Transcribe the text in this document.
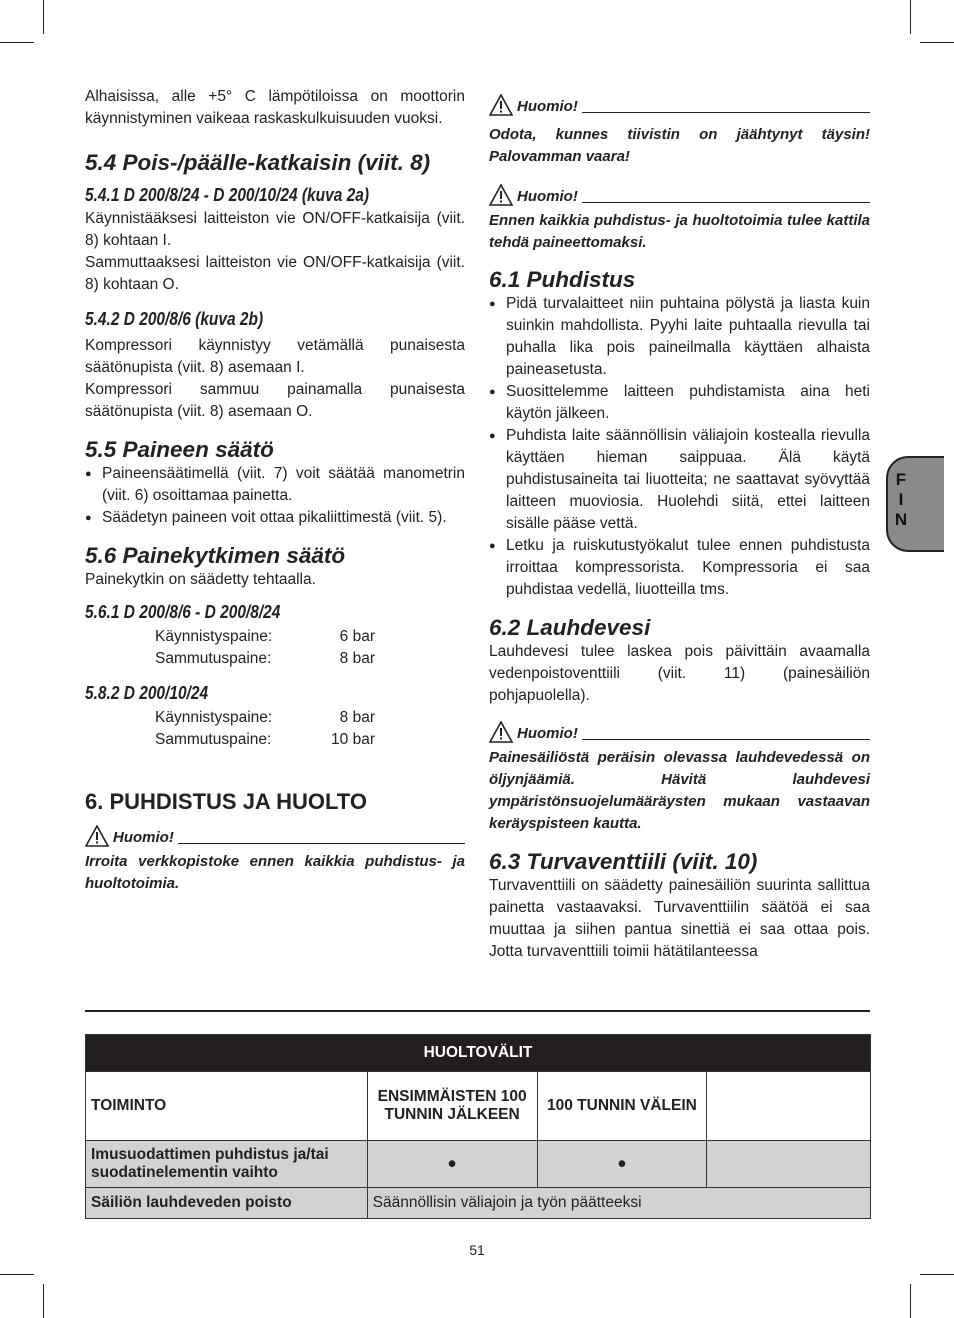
Alhaisissa, alle +5° C lämpötiloissa on moottorin käynnistyminen vaikeaa raskaskulkuisuuden vuoksi.

5.4 Pois-/päälle-katkaisin (viit. 8)
5.4.1 D 200/8/24 - D 200/10/24 (kuva 2a)

Käynnistääksesi laitteiston vie ON/OFF-katkaisija (viit. 8) kohtaan I.

Sammuttaaksesi laitteiston vie ON/OFF-katkaisija (viit. 8) kohtaan O.

5.4.2 D 200/8/6 (kuva 2b)

Kompressori käynnistyy vetämällä punaisesta säätönupista (viit. 8) asemaan I.

Kompressori sammuu painamalla punaisesta säätönupista (viit. 8) asemaan O.

5.5 Paineen säätö
● Paineensäätimellä (viit. 7) voit säätää manometrin (viit. 6) osoittamaa painetta.
● Säädetyn paineen voit ottaa pikaliittimestä (viit. 5).
5.6 Painekytkimen säätö

Painekytkin on säädetty tehtaalla.

5.6.1 D 200/8/6 - D 200/8/24
Käynnistyspaine:	6 bar
Sammutuspaine:	8 bar
5.8.2 D 200/10/24
Käynnistyspaine:	8 bar
Sammutuspaine:	10 bar
6. PUHDISTUS JA HUOLTO
Huomio!

Irroita verkkopistoke ennen kaikkia puhdistus- ja huoltotoimia.

Huomio!

Odota, kunnes tiivistin on jäähtynyt täysin! Palovamman vaara!

Huomio!

Ennen kaikkia puhdistus- ja huoltotoimia tulee kattila tehdä paineettomaksi.

6.1 Puhdistus
● Pidä turvalaitteet niin puhtaina pölystä ja liasta kuin suinkin mahdollista. Pyyhi laite puhtaalla rievulla tai puhalla lika pois paineilmalla käyttäen alhaista paineasetusta.
● Suosittelemme laitteen puhdistamista aina heti käytön jälkeen.
● Puhdista laite säännöllisin väliajoin kostealla rievulla käyttäen hieman saippuaa. Älä käytä puhdistusaineita tai liuotteita; ne saattavat syövyttää laitteen muoviosia. Huolehdi siitä, ettei laitteen sisälle pääse vettä.
● Letku ja ruiskutustyökalut tulee ennen puhdistusta irroittaa kompressorista. Kompressoria ei saa puhdistaa vedellä, liuotteilla tms.
6.2 Lauhdevesi

Lauhdevesi tulee laskea pois päivittäin avaamalla vedenpoistoventtiili (viit. 11) (painesäiliön pohjapuolella).

Huomio!

Painesäiliöstä peräisin olevassa lauhdevedessä on öljynjäämiä. Hävitä lauhdevesi ympäristönsuojelumääräysten mukaan vastaavan keräyspisteen kautta.

6.3 Turvaventtiili (viit. 10)

Turvaventtiili on säädetty painesäiliön suurinta sallittua painetta vastaavaksi. Turvaventtiilin säätöä ei saa muuttaa ja siihen pantua sinettiä ei saa ottaa pois. Jotta turvaventtiili toimii hätätilanteessa

F
I
N
HUOLTOVÄLIT			
TOIMINTO	ENSIMMÄISTEN 100 TUNNIN JÄLKEEN	100 TUNNIN VÄLEIN	
Imusuodattimen puhdistus ja/tai suodatinelementin vaihto	●	●	
Säiliön lauhdeveden poisto	Säännöllisin väliajoin ja työn päätteeksi		
51
